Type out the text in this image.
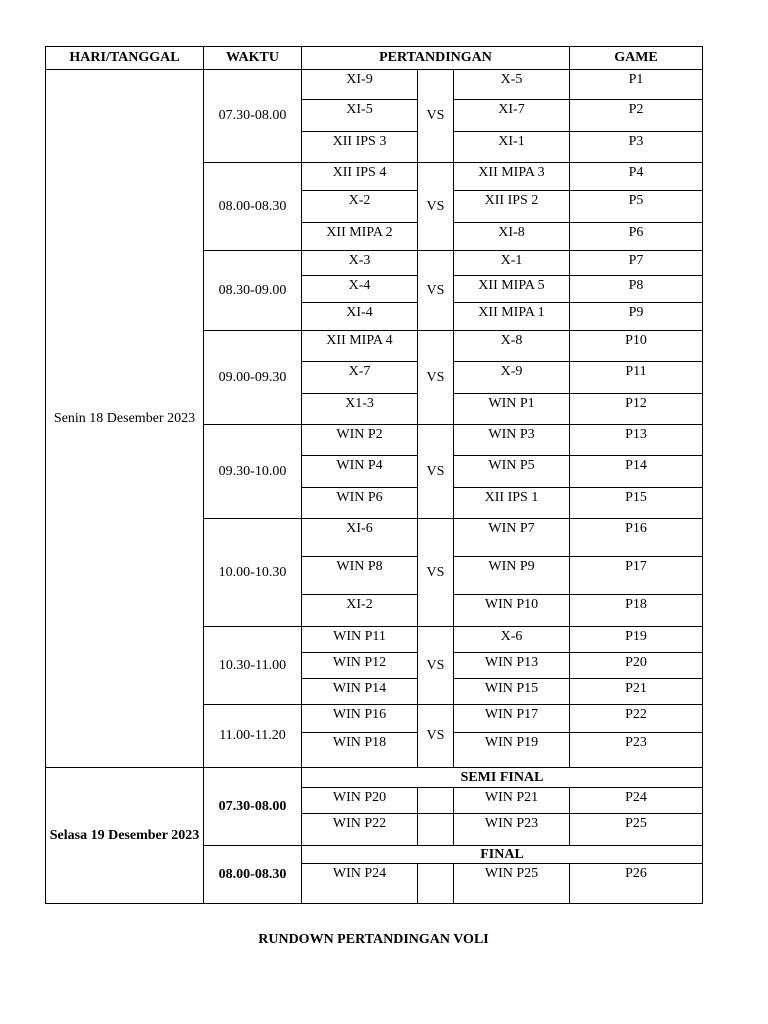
HARI/TANGGAL	WAKTU	PERTANDINGAN			GAME
Senin 18 Desember 2023	07.30-08.00	XI-9	VS	X-5	P1
		XI-5		XI-7	P2
		XII IPS 3		XI-1	P3
	08.00-08.30	XII IPS 4	VS	XII MIPA 3	P4
		X-2		XII IPS 2	P5
		XII MIPA 2		XI-8	P6
	08.30-09.00	X-3	VS	X-1	P7
		X-4		XII MIPA 5	P8
		XI-4		XII MIPA 1	P9
	09.00-09.30	XII MIPA 4	VS	X-8	P10
		X-7		X-9	P11
		X1-3		WIN P1	P12
	09.30-10.00	WIN P2	VS	WIN P3	P13
		WIN P4		WIN P5	P14
		WIN P6		XII IPS 1	P15
	10.00-10.30	XI-6	VS	WIN P7	P16
		WIN P8		WIN P9	P17
		XI-2		WIN P10	P18
	10.30-11.00	WIN P11	VS	X-6	P19
		WIN P12		WIN P13	P20
		WIN P14		WIN P15	P21
	11.00-11.20	WIN P16	VS	WIN P17	P22
		WIN P18		WIN P19	P23
Selasa 19 Desember 2023	07.30-08.00	SEMI FINAL			
		WIN P20		WIN P21	P24
		WIN P22		WIN P23	P25
	08.00-08.30	FINAL			
		WIN P24		WIN P25	P26
RUNDOWN PERTANDINGAN VOLI
